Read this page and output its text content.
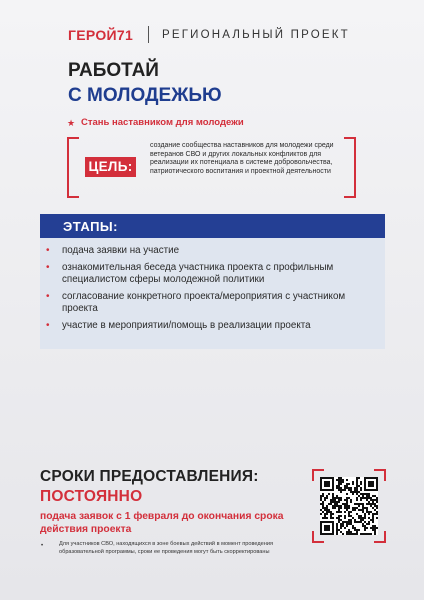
ГЕРОЙ71	РЕГИОНАЛЬНЫЙ ПРОЕКТ
РАБОТАЙ
С МОЛОДЕЖЬЮ
★ Стань наставником для молодежи
ЦЕЛЬ:
создание сообщества наставников для молодежи среди ветеранов СВО и других локальных конфликтов для реализации их потенциала в системе добровольчества, патриотического воспитания и проектной деятельности
ЭТАПЫ:
• подача заявки на участие
• ознакомительная беседа участника проекта с профильным специалистом сферы молодежной политики
• согласование конкретного проекта/мероприятия с участником проекта
• участие в мероприятии/помощь в реализации проекта
СРОКИ ПРЕДОСТАВЛЕНИЯ:
ПОСТОЯННО
подача заявок с 1 февраля до окончания срока действия проекта
•	Для участников СВО, находящихся в зоне боевых действий в момент проведения образовательной программы, сроки ее проведения могут быть скорректированы
